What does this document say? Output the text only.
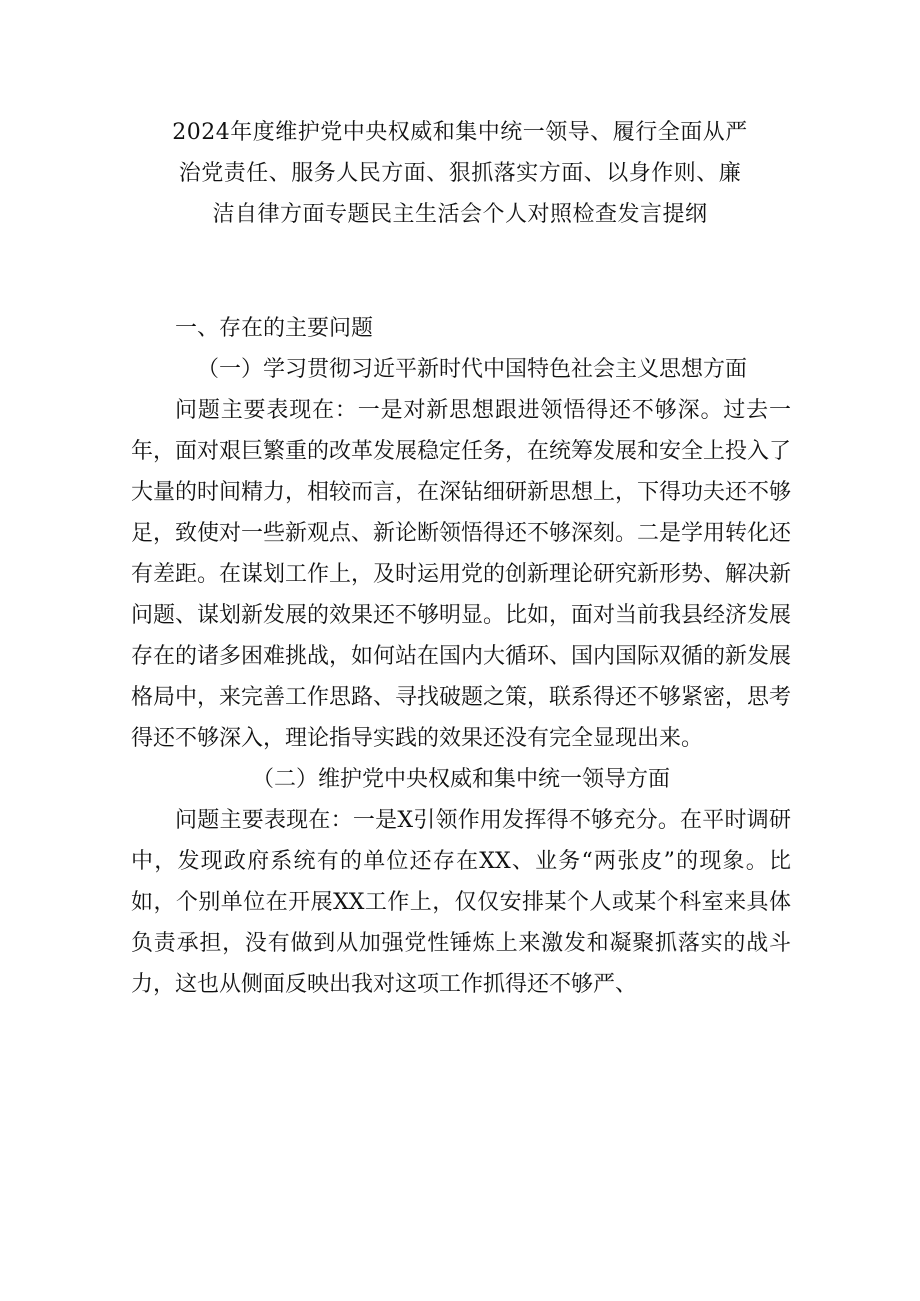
2024年度维护党中央权威和集中统一领导、履行全面从严
治党责任、服务人民方面、狠抓落实方面、以身作则、廉
洁自律方面专题民主生活会个人对照检查发言提纲

一、存在的主要问题

（一）学习贯彻习近平新时代中国特色社会主义思想方面

问题主要表现在：一是对新思想跟进领悟得还不够深。过去一年，面对艰巨繁重的改革发展稳定任务，在统筹发展和安全上投入了大量的时间精力，相较而言，在深钻细研新思想上，下得功夫还不够足，致使对一些新观点、新论断领悟得还不够深刻。二是学用转化还有差距。在谋划工作上，及时运用党的创新理论研究新形势、解决新问题、谋划新发展的效果还不够明显。比如，面对当前我县经济发展存在的诸多困难挑战，如何站在国内大循环、国内国际双循的新发展格局中，来完善工作思路、寻找破题之策，联系得还不够紧密，思考得还不够深入，理论指导实践的效果还没有完全显现出来。

（二）维护党中央权威和集中统一领导方面

问题主要表现在：一是X引领作用发挥得不够充分。在平时调研中，发现政府系统有的单位还存在XX、业务“两张皮”的现象。比如，个别单位在开展XX工作上，仅仅安排某个人或某个科室来具体负责承担，没有做到从加强党性锤炼上来激发和凝聚抓落实的战斗力，这也从侧面反映出我对这项工作抓得还不够严、
